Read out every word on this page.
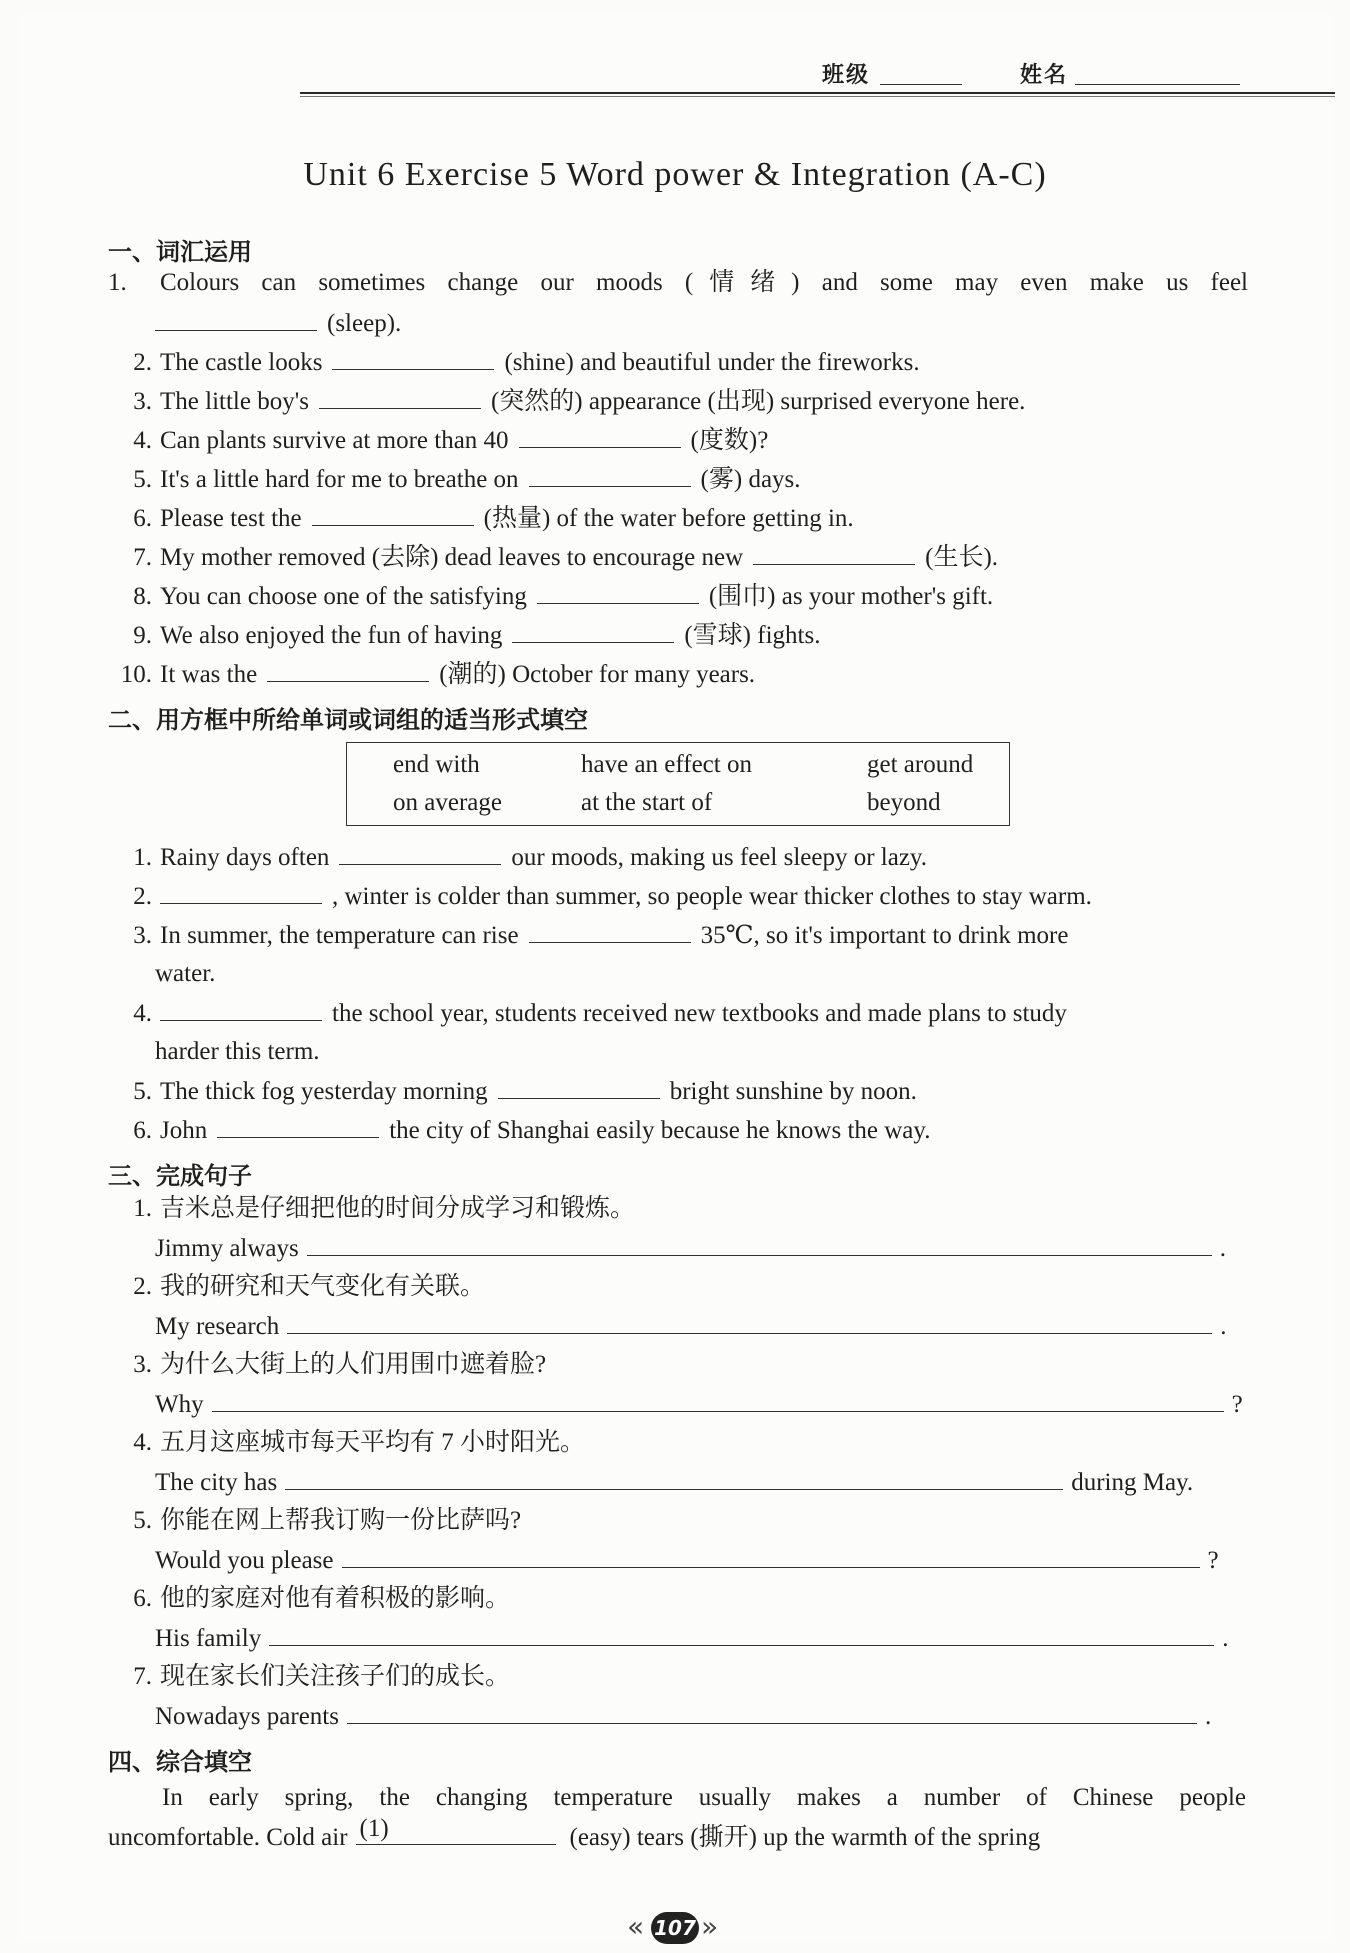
班级	姓名
Unit 6 Exercise 5 Word power & Integration (A-C)
一、词汇运用
1. Colours can sometimes change our moods (情绪) and some may even make us feel
(sleep).
2. The castle looks	(shine) and beautiful under the fireworks.
3. The little boy's	(突然的) appearance (出现) surprised everyone here.
4. Can plants survive at more than 40	(度数)?
5. It's a little hard for me to breathe on	(雾) days.
6. Please test the	(热量) of the water before getting in.
7. My mother removed (去除) dead leaves to encourage new	(生长).
8. You can choose one of the satisfying	(围巾) as your mother's gift.
9. We also enjoyed the fun of having	(雪球) fights.
10. It was the	(潮的) October for many years.
二、用方框中所给单词或词组的适当形式填空
end with	have an effect on	get around
on average	at the start of	beyond
1. Rainy days often	our moods, making us feel sleepy or lazy.
2.	, winter is colder than summer, so people wear thicker clothes to stay warm.
3. In summer, the temperature can rise	35℃, so it's important to drink more
water.
4.	the school year, students received new textbooks and made plans to study
harder this term.
5. The thick fog yesterday morning	bright sunshine by noon.
6. John	the city of Shanghai easily because he knows the way.
三、完成句子
1. 吉米总是仔细把他的时间分成学习和锻炼。
Jimmy always	.
2. 我的研究和天气变化有关联。
My research	.
3. 为什么大街上的人们用围巾遮着脸?
Why	?
4. 五月这座城市每天平均有 7 小时阳光。
The city has	during May.
5. 你能在网上帮我订购一份比萨吗?
Would you please	?
6. 他的家庭对他有着积极的影响。
His family	.
7. 现在家长们关注孩子们的成长。
Nowadays parents	.
四、综合填空
In early spring, the changing temperature usually makes a number of Chinese people
uncomfortable. Cold air (1)	(easy) tears (撕开) up the warmth of the spring
« 107 »
